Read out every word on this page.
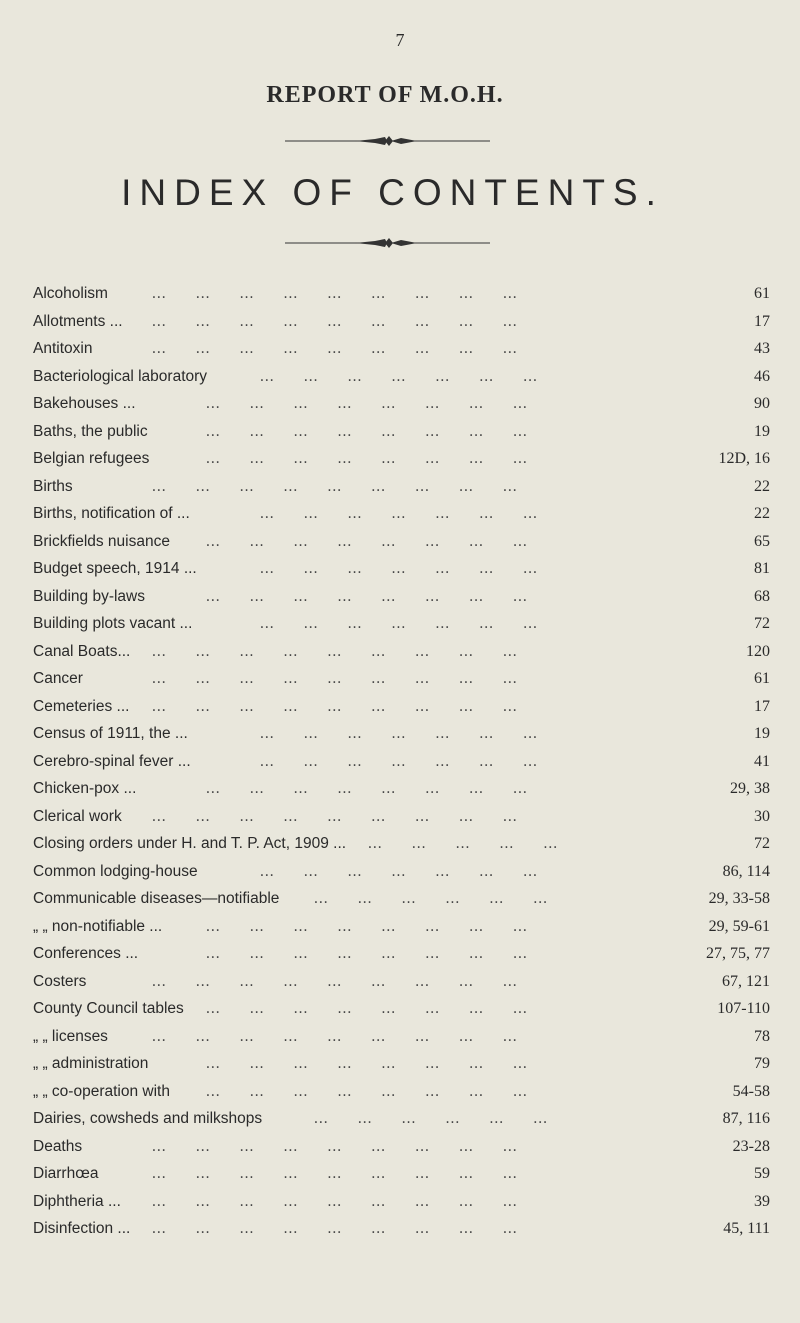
7
REPORT OF M.O.H.
INDEX OF CONTENTS.
Alcoholism	...      ...      ...      ...      ...      ...      ...      ...      ...	61
Allotments ... ...      ...      ...      ...      ...      ...      ...      ...      ...	17
Antitoxin	...      ...      ...      ...      ...      ...      ...      ...      ...	43
Bacteriological laboratory	...      ...      ...      ...      ...      ...      ...	46
Bakehouses ...	...      ...      ...      ...      ...      ...      ...      ...	90
Baths, the public	...      ...      ...      ...      ...      ...      ...      ...	19
Belgian refugees	...      ...      ...      ...      ...      ...      ...      ...	12D, 16
Births	...      ...      ...      ...      ...      ...      ...      ...      ...	22
Births, notification of ...	...      ...      ...      ...      ...      ...      ...	22
Brickfields nuisance ...      ...      ...      ...      ...      ...      ...      ...	65
Budget speech, 1914 ...	...      ...      ...      ...      ...      ...      ...	81
Building by-laws	...      ...      ...      ...      ...      ...      ...      ...	68
Building plots vacant ...	...      ...      ...      ...      ...      ...      ...	72
Canal Boats... ...      ...      ...      ...      ...      ...      ...      ...      ...	120
Cancer	...      ...      ...      ...      ...      ...      ...      ...      ...	61
Cemeteries ... ...      ...      ...      ...      ...      ...      ...      ...      ...	17
Census of 1911, the ...	...      ...      ...      ...      ...      ...      ...	19
Cerebro-spinal fever ...	...      ...      ...      ...      ...      ...      ...	41
Chicken-pox ...	...      ...      ...      ...      ...      ...      ...      ...	29, 38
Clerical work ...      ...      ...      ...      ...      ...      ...      ...      ...	30
Closing orders under H. and T. P. Act, 1909 ... ...      ...      ...      ...      ...	72
Common lodging-house	...      ...      ...      ...      ...      ...      ...	86, 114
Communicable diseases—notifiable ...      ...      ...      ...      ...      ...	29, 33-58
„ „ non-notifiable ...	...      ...      ...      ...      ...      ...      ...      ...	29, 59-61
Conferences ...	...      ...      ...      ...      ...      ...      ...      ...	27, 75, 77
Costers	...      ...      ...      ...      ...      ...      ...      ...      ...	67, 121
County Council tables ...      ...      ...      ...      ...      ...      ...      ...	107-110
„ „ licenses	...      ...      ...      ...      ...      ...      ...      ...      ...	78
„ „ administration	...      ...      ...      ...      ...      ...      ...      ...	79
„ „ co-operation with ...      ...      ...      ...      ...      ...      ...      ...	54-58
Dairies, cowsheds and milkshops	...      ...      ...      ...      ...      ...	87, 116
Deaths	...      ...      ...      ...      ...      ...      ...      ...      ...	23-28
Diarrhœa	...      ...      ...      ...      ...      ...      ...      ...      ...	59
Diphtheria ... ...      ...      ...      ...      ...      ...      ...      ...      ...	39
Disinfection ... ...      ...      ...      ...      ...      ...      ...      ...      ...	45, 111
